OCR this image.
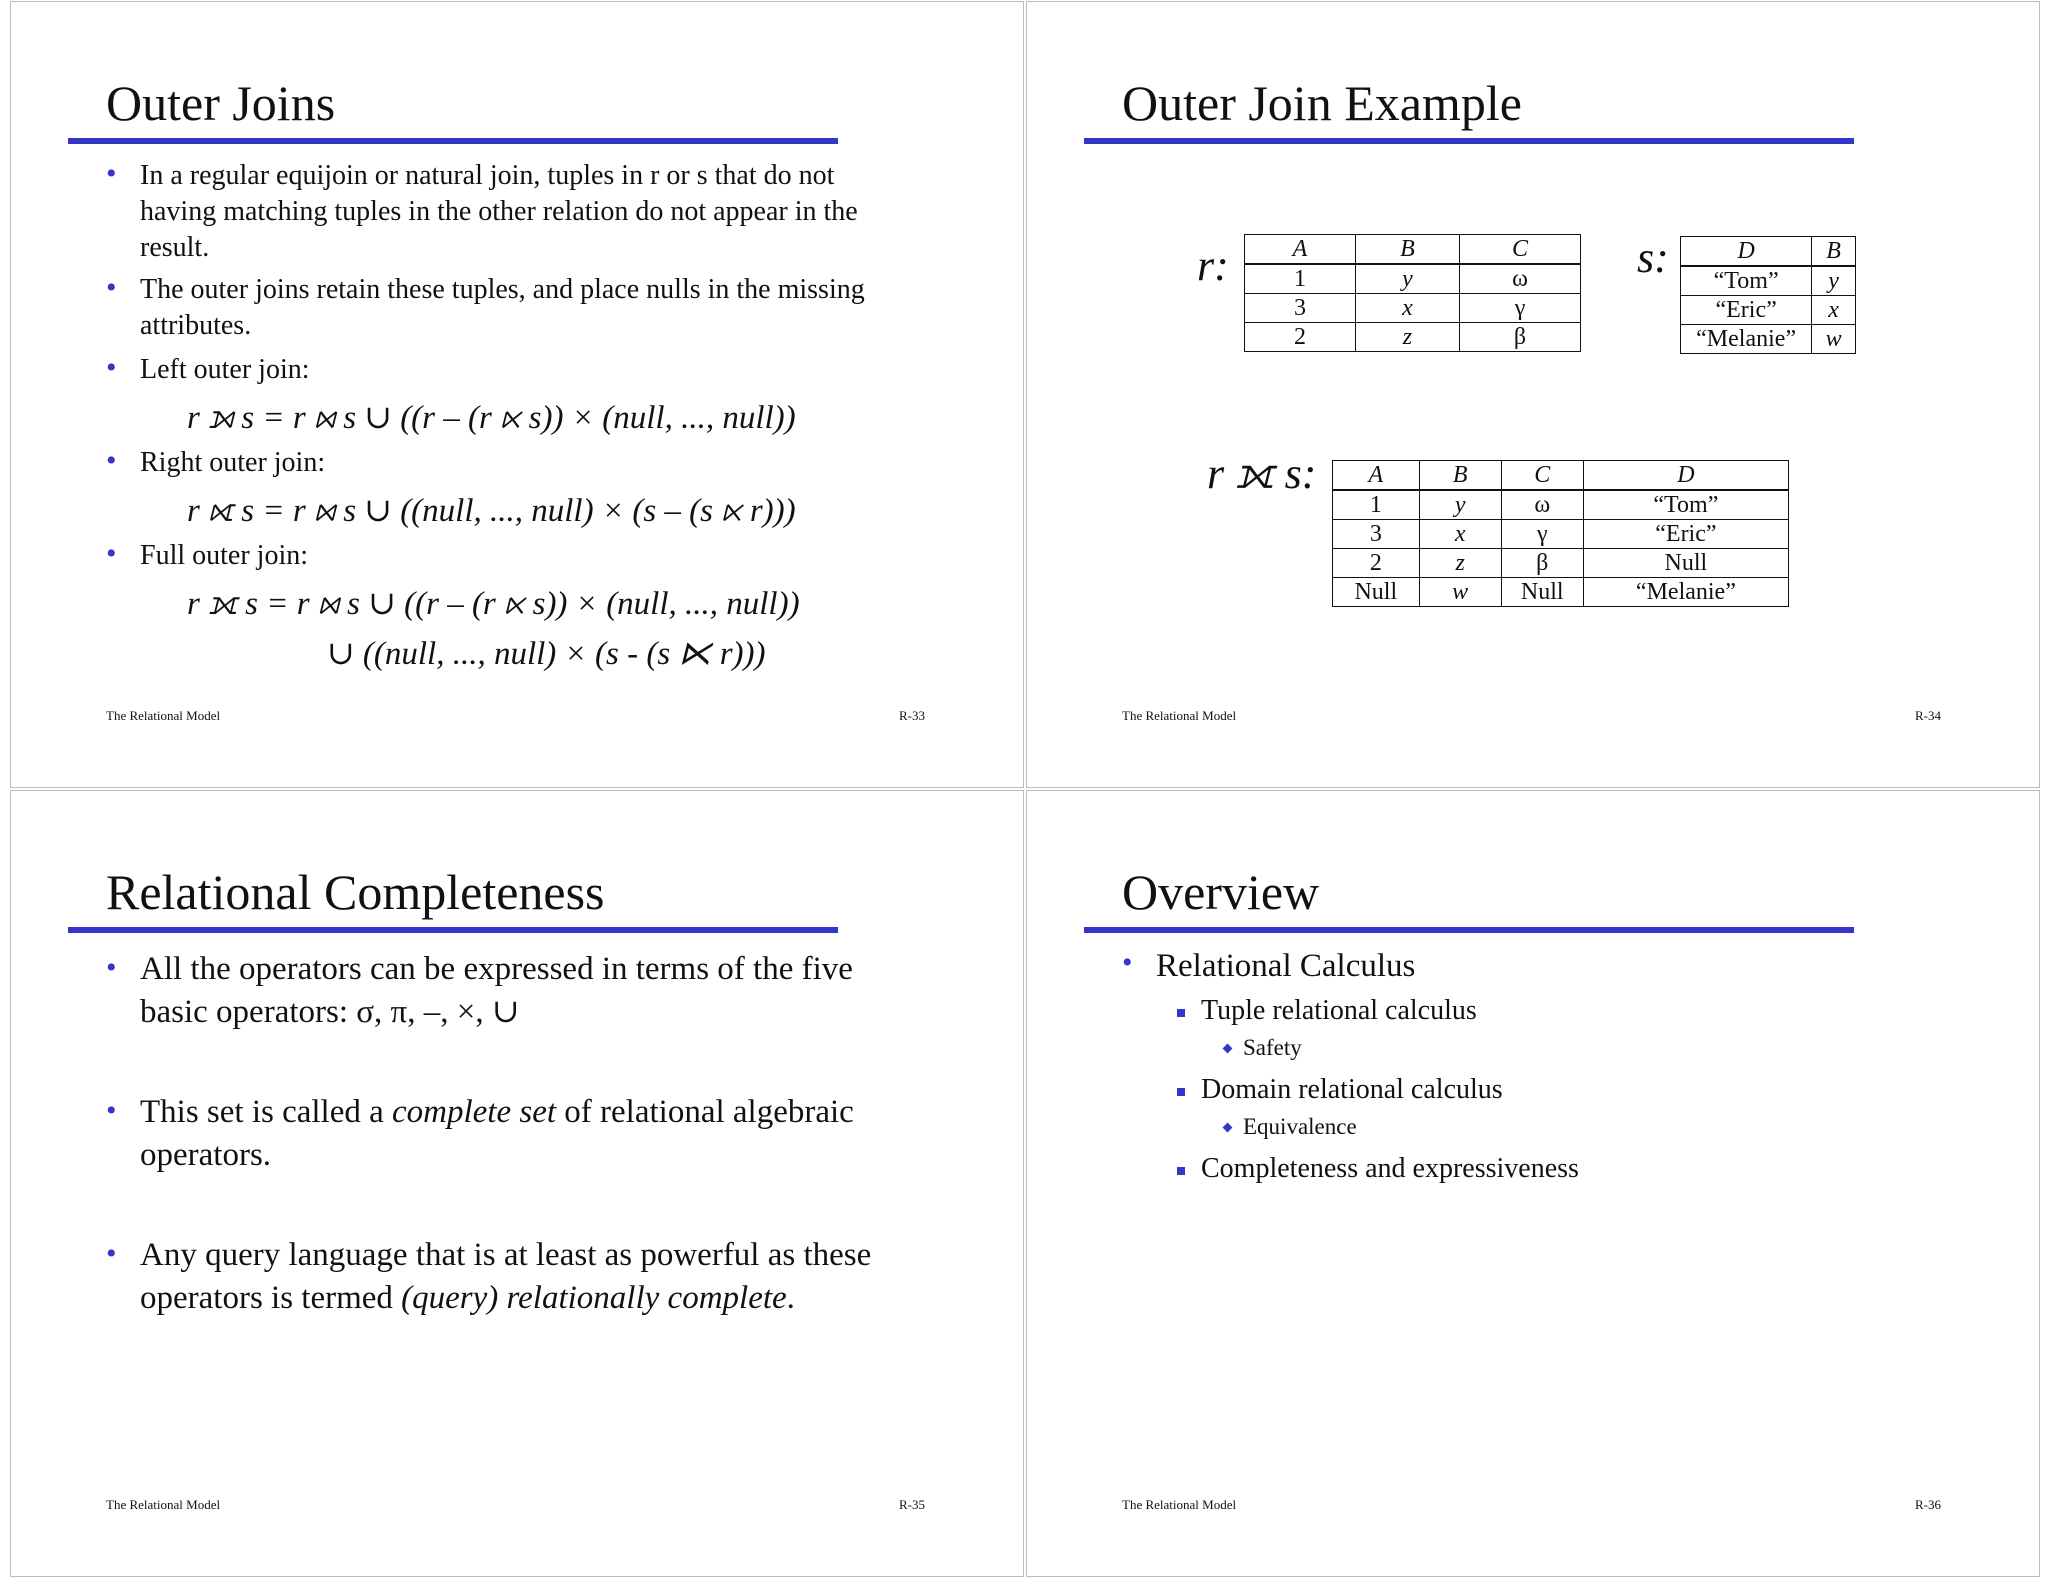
Outer Joins
• In a regular equijoin or natural join, tuples in r or s that do not having matching tuples in the other relation do not appear in the result.
• The outer joins retain these tuples, and place nulls in the missing attributes.
• Left outer join:
r ⟕ s = r ⋈ s ∪ ((r – (r ⋉ s)) × (null, ..., null))
• Right outer join:
r ⟖ s = r ⋈ s ∪ ((null, ..., null) × (s – (s ⋉ r)))
• Full outer join:
r ⟗ s = r ⋈ s ∪ ((r – (r ⋉ s)) × (null, ..., null))
∪ ((null, ..., null) × (s - (s ⋉ r)))
The Relational Model	R-33
Outer Join Example
r:	A	B	C
1	y	ω
3	x	γ
2	z	β
s:	D	B
“Tom”	y
“Eric”	x
“Melanie”	w
r ⟗ s: A	B	C	D
1	y	ω	“Tom”
3	x	γ	“Eric”
2	z	β	Null
Null	w	Null	“Melanie”
The Relational Model	R-34
Relational Completeness
• All the operators can be expressed in terms of the five basic operators: σ, π, –, ×, ∪
• This set is called a complete set of relational algebraic operators.
• Any query language that is at least as powerful as these operators is termed (query) relationally complete.
The Relational Model	R-35
Overview
• Relational Calculus
Tuple relational calculus
Safety
Domain relational calculus
Equivalence
Completeness and expressiveness
The Relational Model	R-36
